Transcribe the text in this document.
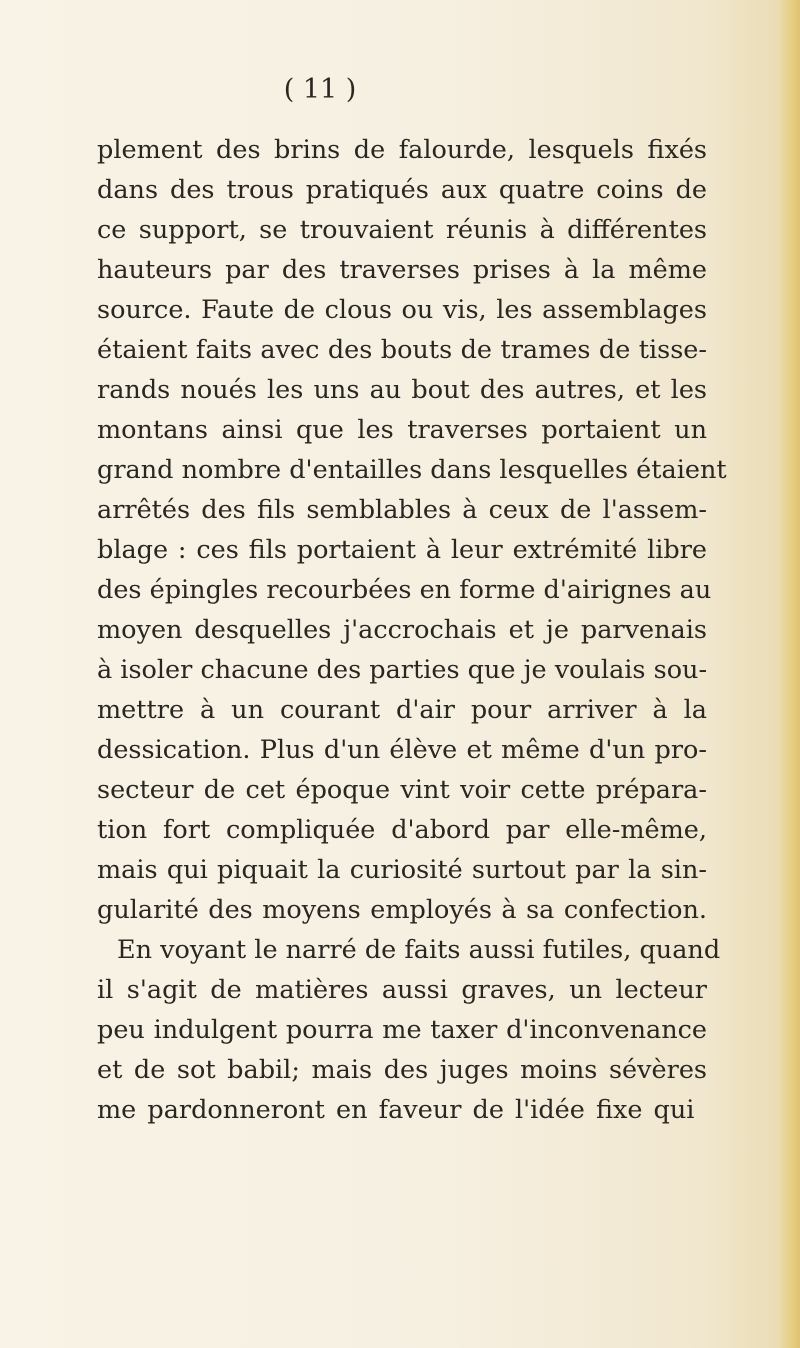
( 11 )
plement des brins de falourde, lesquels fixés
dans des trous pratiqués aux quatre coins de
ce support, se trouvaient réunis à différentes
hauteurs par des traverses prises à la même
source. Faute de clous ou vis, les assemblages
étaient faits avec des bouts de trames de tisse-
rands noués les uns au bout des autres, et les
montans ainsi que les traverses portaient un
grand nombre d'entailles dans lesquelles étaient
arrêtés des fils semblables à ceux de l'assem-
blage : ces fils portaient à leur extrémité libre
des épingles recourbées en forme d'airignes au
moyen desquelles j'accrochais et je parvenais
à isoler chacune des parties que je voulais sou-
mettre à un courant d'air pour arriver à la
dessication. Plus d'un élève et même d'un pro-
secteur de cet époque vint voir cette prépara-
tion fort compliquée d'abord par elle-même,
mais qui piquait la curiosité surtout par la sin-
gularité des moyens employés à sa confection.
En voyant le narré de faits aussi futiles, quand
il s'agit de matières aussi graves, un lecteur
peu indulgent pourra me taxer d'inconvenance
et de sot babil; mais des juges moins sévères
me pardonneront en faveur de l'idée fixe qui
